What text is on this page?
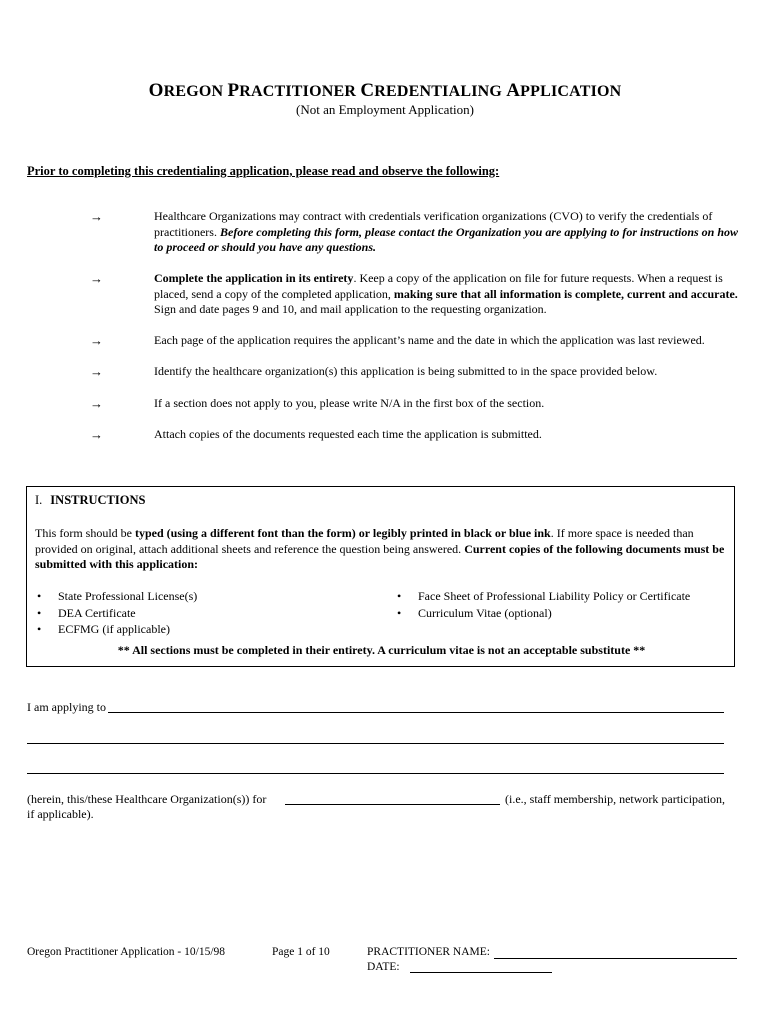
OREGON PRACTITIONER CREDENTIALING APPLICATION
(Not an Employment Application)
Prior to completing this credentialing application, please read and observe the following:
→	Healthcare Organizations may contract with credentials verification organizations (CVO) to verify the credentials of practitioners. Before completing this form, please contact the Organization you are applying to for instructions on how to proceed or should you have any questions.
→	Complete the application in its entirety. Keep a copy of the application on file for future requests. When a request is placed, send a copy of the completed application, making sure that all information is complete, current and accurate. Sign and date pages 9 and 10, and mail application to the requesting organization.
→	Each page of the application requires the applicant’s name and the date in which the application was last reviewed.
→	Identify the healthcare organization(s) this application is being submitted to in the space provided below.
→	If a section does not apply to you, please write N/A in the first box of the section.
→	Attach copies of the documents requested each time the application is submitted.
I. INSTRUCTIONS
This form should be typed (using a different font than the form) or legibly printed in black or blue ink. If more space is needed than provided on original, attach additional sheets and reference the question being answered. Current copies of the following documents must be submitted with this application:
• State Professional License(s)
• DEA Certificate
• ECFMG (if applicable)
• Face Sheet of Professional Liability Policy or Certificate
• Curriculum Vitae (optional)
** All sections must be completed in their entirety. A curriculum vitae is not an acceptable substitute **
I am applying to
(herein, this/these Healthcare Organization(s)) for	(i.e., staff membership, network participation,
if applicable).
Oregon Practitioner Application - 10/15/98	Page 1 of 10	PRACTITIONER NAME:
DATE:
